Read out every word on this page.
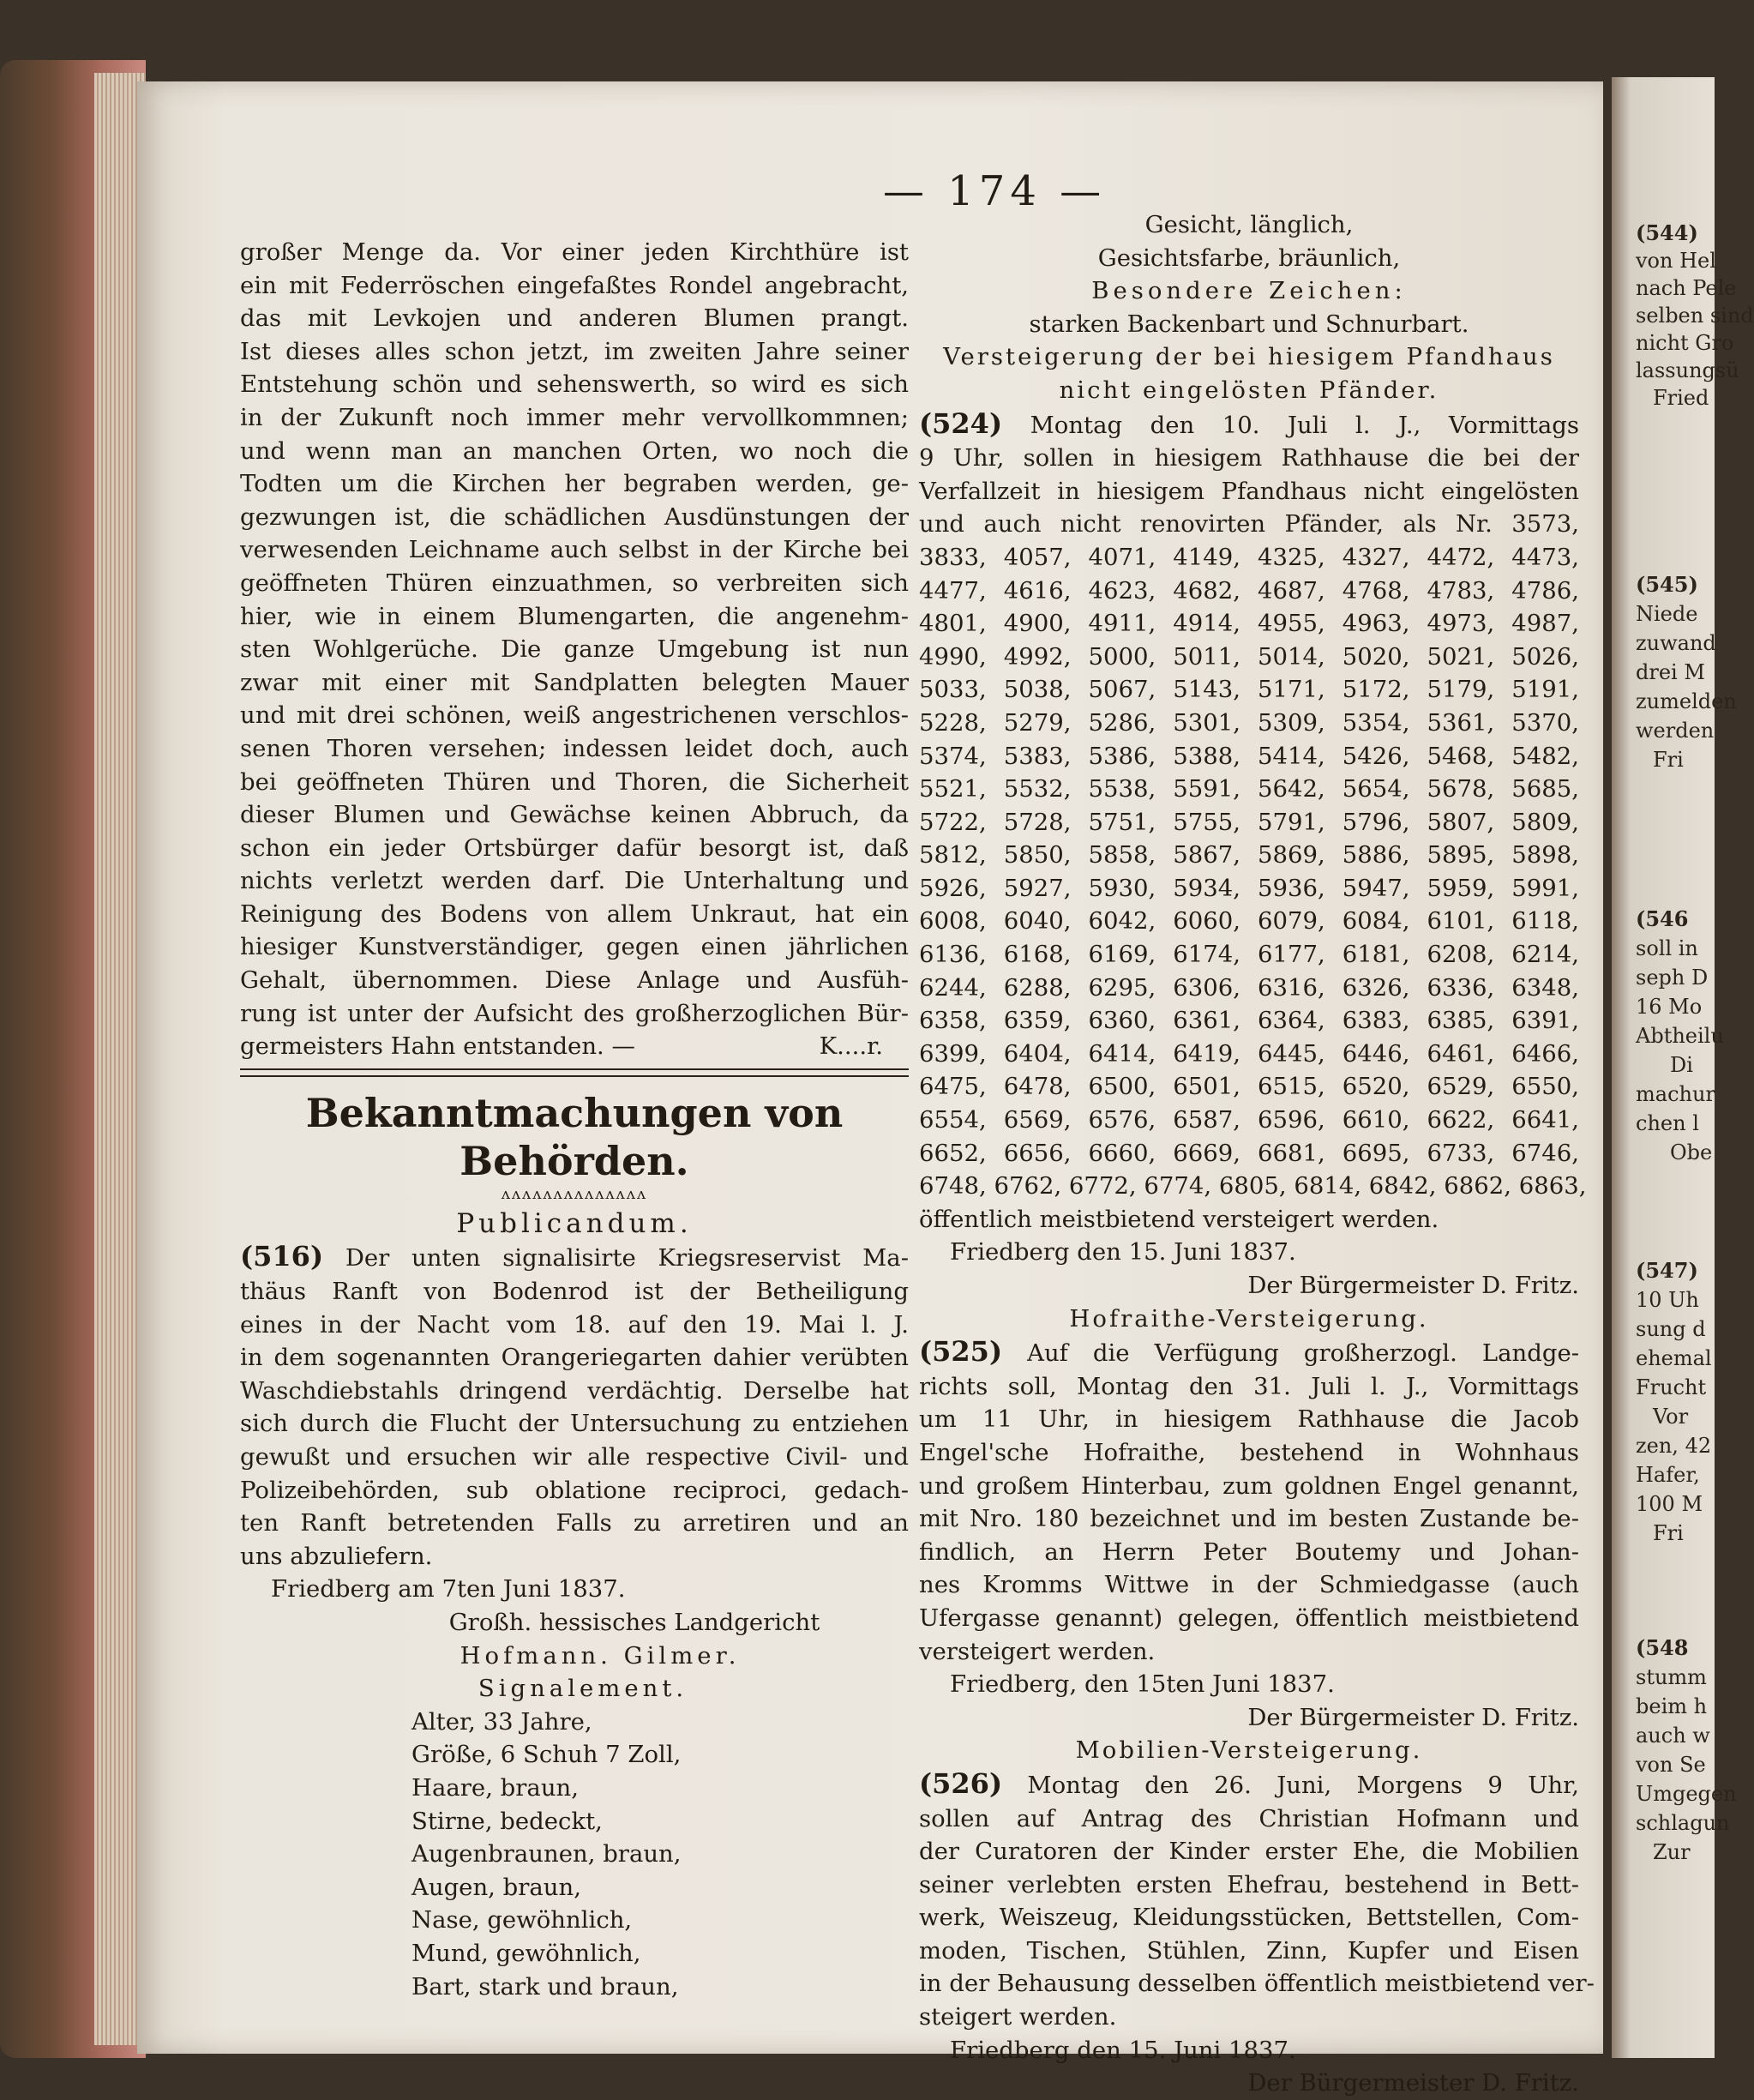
— 174 —
großer Menge da. Vor einer jeden Kirchthüre ist
ein mit Federröschen eingefaßtes Rondel angebracht,
das mit Levkojen und anderen Blumen prangt.
Ist dieses alles schon jetzt, im zweiten Jahre seiner
Entstehung schön und sehenswerth, so wird es sich
in der Zukunft noch immer mehr vervollkommnen;
und wenn man an manchen Orten, wo noch die
Todten um die Kirchen her begraben werden, ge-
gezwungen ist, die schädlichen Ausdünstungen der
verwesenden Leichname auch selbst in der Kirche bei
geöffneten Thüren einzuathmen, so verbreiten sich
hier, wie in einem Blumengarten, die angenehm-
sten Wohlgerüche. Die ganze Umgebung ist nun
zwar mit einer mit Sandplatten belegten Mauer
und mit drei schönen, weiß angestrichenen verschlos-
senen Thoren versehen; indessen leidet doch, auch
bei geöffneten Thüren und Thoren, die Sicherheit
dieser Blumen und Gewächse keinen Abbruch, da
schon ein jeder Ortsbürger dafür besorgt ist, daß
nichts verletzt werden darf. Die Unterhaltung und
Reinigung des Bodens von allem Unkraut, hat ein
hiesiger Kunstverständiger, gegen einen jährlichen
Gehalt, übernommen. Diese Anlage und Ausfüh-
rung ist unter der Aufsicht des großherzoglichen Bür-
germeisters Hahn entstanden. —	K....r.
Bekanntmachungen von Behörden.
ʌʌʌʌʌʌʌʌʌʌʌʌʌʌ
Publicandum.
(516) Der unten signalisirte Kriegsreservist Ma-
thäus Ranft von Bodenrod ist der Betheiligung
eines in der Nacht vom 18. auf den 19. Mai l. J.
in dem sogenannten Orangeriegarten dahier verübten
Waschdiebstahls dringend verdächtig. Derselbe hat
sich durch die Flucht der Untersuchung zu entziehen
gewußt und ersuchen wir alle respective Civil- und
Polizeibehörden, sub oblatione reciproci, gedach-
ten Ranft betretenden Falls zu arretiren und an
uns abzuliefern.
Friedberg am 7ten Juni 1837.
Großh. hessisches Landgericht
Hofmann. Gilmer.
Signalement.
Alter, 33 Jahre,
Größe, 6 Schuh 7 Zoll,
Haare, braun,
Stirne, bedeckt,
Augenbraunen, braun,
Augen, braun,
Nase, gewöhnlich,
Mund, gewöhnlich,
Bart, stark und braun,
Gesicht, länglich,
Gesichtsfarbe, bräunlich,
Besondere Zeichen:
starken Backenbart und Schnurbart.
Versteigerung der bei hiesigem Pfandhaus
nicht eingelösten Pfänder.
(524) Montag den 10. Juli l. J., Vormittags
9 Uhr, sollen in hiesigem Rathhause die bei der
Verfallzeit in hiesigem Pfandhaus nicht eingelösten
und auch nicht renovirten Pfänder, als Nr. 3573,
3833, 4057, 4071, 4149, 4325, 4327, 4472, 4473,
4477, 4616, 4623, 4682, 4687, 4768, 4783, 4786,
4801, 4900, 4911, 4914, 4955, 4963, 4973, 4987,
4990, 4992, 5000, 5011, 5014, 5020, 5021, 5026,
5033, 5038, 5067, 5143, 5171, 5172, 5179, 5191,
5228, 5279, 5286, 5301, 5309, 5354, 5361, 5370,
5374, 5383, 5386, 5388, 5414, 5426, 5468, 5482,
5521, 5532, 5538, 5591, 5642, 5654, 5678, 5685,
5722, 5728, 5751, 5755, 5791, 5796, 5807, 5809,
5812, 5850, 5858, 5867, 5869, 5886, 5895, 5898,
5926, 5927, 5930, 5934, 5936, 5947, 5959, 5991,
6008, 6040, 6042, 6060, 6079, 6084, 6101, 6118,
6136, 6168, 6169, 6174, 6177, 6181, 6208, 6214,
6244, 6288, 6295, 6306, 6316, 6326, 6336, 6348,
6358, 6359, 6360, 6361, 6364, 6383, 6385, 6391,
6399, 6404, 6414, 6419, 6445, 6446, 6461, 6466,
6475, 6478, 6500, 6501, 6515, 6520, 6529, 6550,
6554, 6569, 6576, 6587, 6596, 6610, 6622, 6641,
6652, 6656, 6660, 6669, 6681, 6695, 6733, 6746,
6748, 6762, 6772, 6774, 6805, 6814, 6842, 6862, 6863,
öffentlich meistbietend versteigert werden.
Friedberg den 15. Juni 1837.
Der Bürgermeister D. Fritz.
Hofraithe-Versteigerung.
(525) Auf die Verfügung großherzogl. Landge-
richts soll, Montag den 31. Juli l. J., Vormittags
um 11 Uhr, in hiesigem Rathhause die Jacob
Engel'sche Hofraithe, bestehend in Wohnhaus
und großem Hinterbau, zum goldnen Engel genannt,
mit Nro. 180 bezeichnet und im besten Zustande be-
findlich, an Herrn Peter Boutemy und Johan-
nes Kromms Wittwe in der Schmiedgasse (auch
Ufergasse genannt) gelegen, öffentlich meistbietend
versteigert werden.
Friedberg, den 15ten Juni 1837.
Der Bürgermeister D. Fritz.
Mobilien-Versteigerung.
(526) Montag den 26. Juni, Morgens 9 Uhr,
sollen auf Antrag des Christian Hofmann und
der Curatoren der Kinder erster Ehe, die Mobilien
seiner verlebten ersten Ehefrau, bestehend in Bett-
werk, Weiszeug, Kleidungsstücken, Bettstellen, Com-
moden, Tischen, Stühlen, Zinn, Kupfer und Eisen
in der Behausung desselben öffentlich meistbietend ver-
steigert werden.
Friedberg den 15. Juni 1837.
Der Bürgermeister D. Fritz.
(544)
von Hel
nach Pele
selben sind
nicht Gro
lassungsü
Fried
(545)
Niede
zuwand
drei M
zumelden
werden
Fri
(546
soll in
seph D
16 Mo
Abtheilu
Di
machur
chen l
Obe
(547)
10 Uh
sung d
ehemal
Frucht
Vor
zen, 42
Hafer,
100 M
Fri
(548
stumm
beim h
auch w
von Se
Umgegen
schlagun
Zur
